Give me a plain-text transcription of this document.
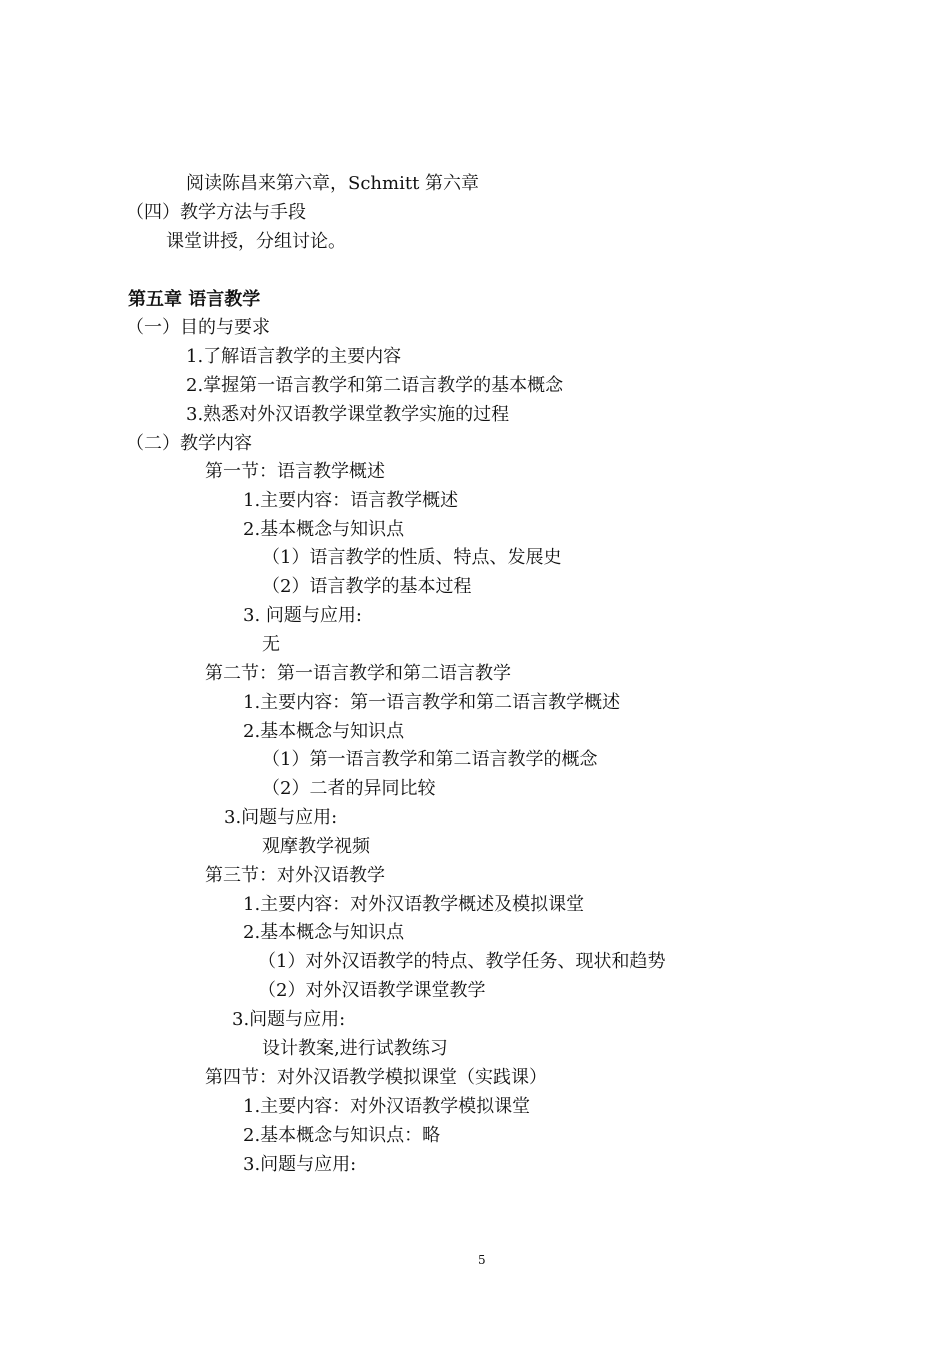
阅读陈昌来第六章，Schmitt 第六章
（四）教学方法与手段
课堂讲授，分组讨论。
第五章 语言教学
（一）目的与要求
1.了解语言教学的主要内容
2.掌握第一语言教学和第二语言教学的基本概念
3.熟悉对外汉语教学课堂教学实施的过程
（二）教学内容
第一节：语言教学概述
1.主要内容：语言教学概述
2.基本概念与知识点
（1）语言教学的性质、特点、发展史
（2）语言教学的基本过程
3. 问题与应用:
无
第二节：第一语言教学和第二语言教学
1.主要内容：第一语言教学和第二语言教学概述
2.基本概念与知识点
（1）第一语言教学和第二语言教学的概念
（2）二者的异同比较
3.问题与应用:
观摩教学视频
第三节：对外汉语教学
1.主要内容：对外汉语教学概述及模拟课堂
2.基本概念与知识点
（1）对外汉语教学的特点、教学任务、现状和趋势
（2）对外汉语教学课堂教学
3.问题与应用:
设计教案,进行试教练习
第四节：对外汉语教学模拟课堂（实践课）
1.主要内容：对外汉语教学模拟课堂
2.基本概念与知识点：略
3.问题与应用:
5
